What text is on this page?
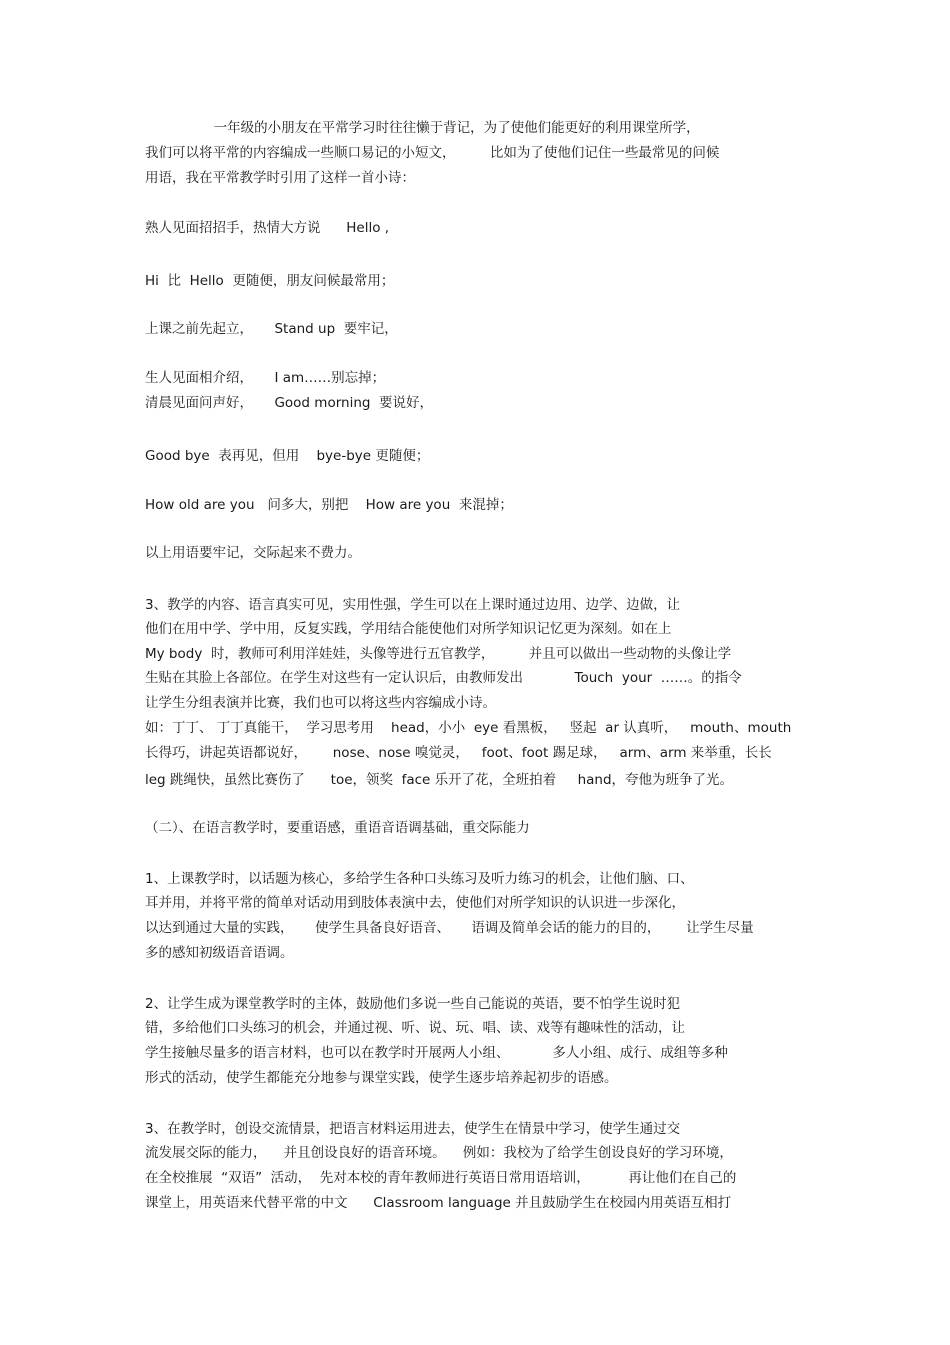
一年级的小朋友在平常学习时往往懒于背记，为了使他们能更好的利用课堂所学，

我们可以将平常的内容编成一些顺口易记的小短文，        比如为了使他们记住一些最常见的问候

用语，我在平常教学时引用了这样一首小诗：

熟人见面招招手，热情大方说      Hello ,

Hi  比  Hello  更随便，朋友问候最常用；

上课之前先起立，     Stand up  要牢记，

生人见面相介绍，     I am……别忘掉；

清晨见面问声好，     Good morning  要说好，

Good bye  表再见，但用    bye-bye 更随便；

How old are you   问多大，别把    How are you  来混掉；

以上用语要牢记，交际起来不费力。

3、教学的内容、语言真实可见，实用性强，学生可以在上课时通过边用、边学、边做，让

他们在用中学、学中用，反复实践，学用结合能使他们对所学知识记忆更为深刻。如在上

My body  时，教师可利用洋娃娃，头像等进行五官教学，        并且可以做出一些动物的头像让学

生贴在其脸上各部位。在学生对这些有一定认识后，由教师发出            Touch  your  ……。的指令

让学生分组表演并比赛，我们也可以将这些内容编成小诗。

如：丁丁、 丁丁真能干，  学习思考用    head，小小  eye 看黑板，   竖起  ar 认真听，   mouth、mouth

长得巧，讲起英语都说好，      nose、nose 嗅觉灵，   foot、foot 踢足球，   arm、arm 来举重，长长

leg 跳绳快，虽然比赛伤了      toe，领奖  face 乐开了花，全班拍着     hand，夸他为班争了光。

（二）、在语言教学时，要重语感，重语音语调基础，重交际能力

1、上课教学时，以话题为核心，多给学生各种口头练习及听力练习的机会，让他们脑、口、

耳并用，并将平常的简单对话动用到肢体表演中去，使他们对所学知识的认识进一步深化，

以达到通过大量的实践，     使学生具备良好语音、     语调及简单会话的能力的目的，      让学生尽量

多的感知初级语音语调。

2、让学生成为课堂教学时的主体，鼓励他们多说一些自己能说的英语，要不怕学生说时犯

错，多给他们口头练习的机会，并通过视、听、说、玩、唱、读、戏等有趣味性的活动，让

学生接触尽量多的语言材料，也可以在教学时开展两人小组、          多人小组、成行、成组等多种

形式的活动，使学生都能充分地参与课堂实践，使学生逐步培养起初步的语感。

3、在教学时，创设交流情景，把语言材料运用进去，使学生在情景中学习，使学生通过交

流发展交际的能力，    并且创设良好的语音环境。    例如：我校为了给学生创设良好的学习环境，

在全校推展  “双语”  活动，  先对本校的青年教师进行英语日常用语培训，         再让他们在自己的

课堂上，用英语来代替平常的中文      Classroom language 并且鼓励学生在校园内用英语互相打
